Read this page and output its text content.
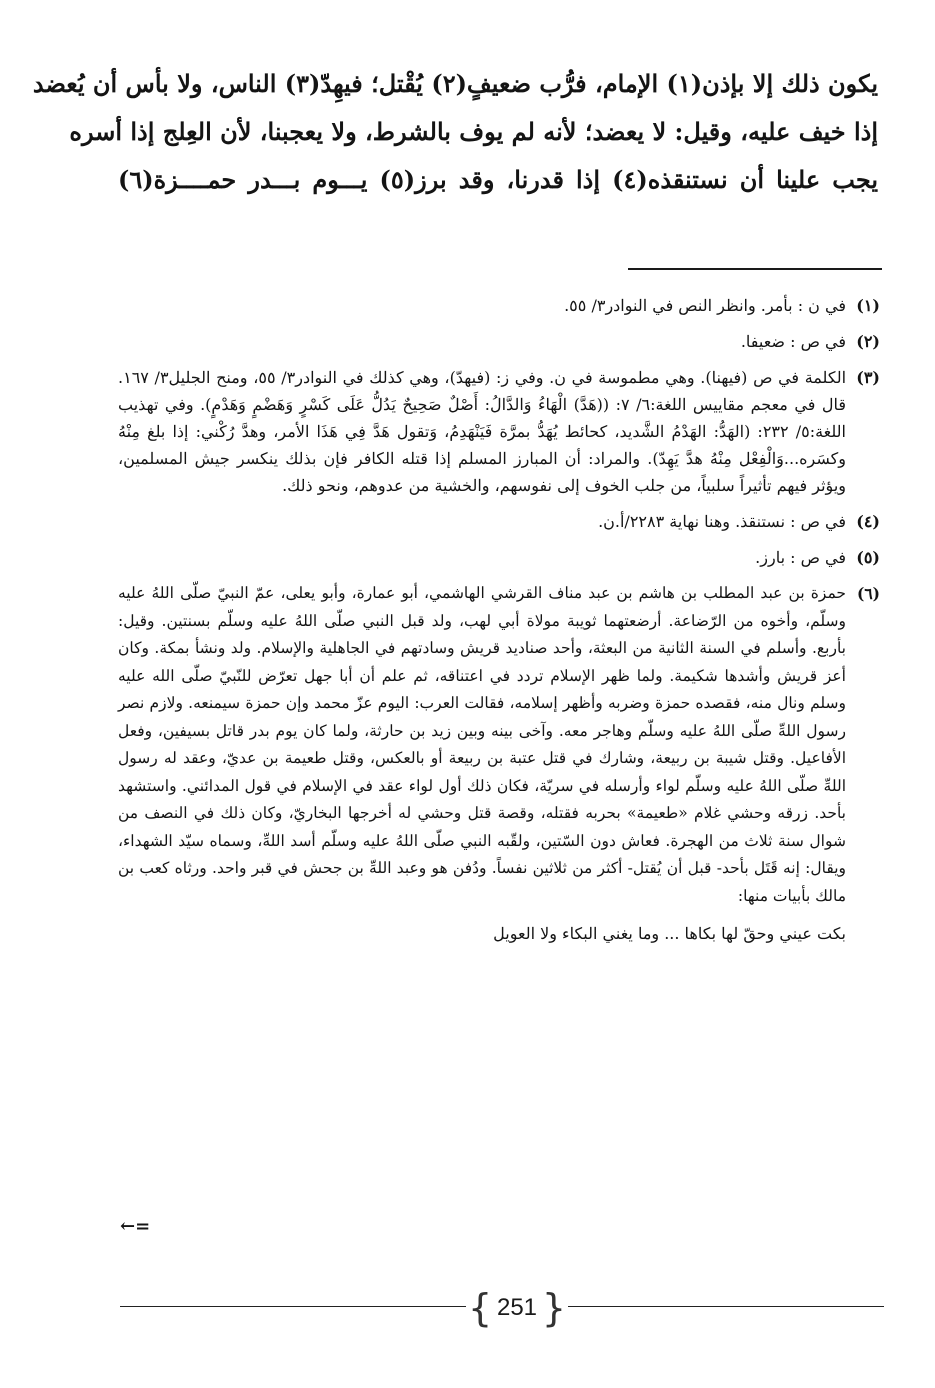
يكون ذلك إلا بإذن(١) الإمام، فرُّب ضعيفٍ(٢) يُقْتل؛ فيهِدّ(٣) الناس، ولا بأس أن يُعضد

إذا خيف عليه، وقيل: لا يعضد؛ لأنه لم يوف بالشرط، ولا يعجبنا، لأن العِلج إذا أسره

يجب علينا أن نستنقذه(٤) إذا قدرنا، وقد برز(٥) يـــوم بـــدر حمــــزة(٦)

(١)
في ن : بأمر. وانظر النص في النوادر٣/ ٥٥.
(٢)
في ص : ضعيفا.
(٣)
الكلمة في ص (فيهنا). وهي مطموسة في ن. وفي ز: (فيهدّ)، وهي كذلك في النوادر٣/ ٥٥، ومنح الجليل٣/ ١٦٧. قال في معجم مقاييس اللغة:٦/ ٧: ((هَدَّ) الْهَاءُ وَالدَّالُ: أَصْلٌ صَحِيحٌ يَدُلُّ عَلَى كَسْرٍ وَهَضْمٍ وَهَدْمٍ). وفي تهذيب اللغة:٥/ ٢٣٢: (الهَدُّ: الهَدْمُ الشَّديد، كحائط يُهَدُّ بمرَّة فَيَنْهَدِمُ، وَتقول هَدَّ فِي هَذَا الأمر، وهدَّ رُكْني: إذا بلغ مِنْهُ وكسَره...وَالْفِعْل مِنْهُ هدَّ يَهِدّ). والمراد: أن المبارز المسلم إذا قتله الكافر فإن بذلك ينكسر جيش المسلمين، ويؤثر فيهم تأثيراً سلبياً، من جلب الخوف إلى نفوسهم، والخشية من عدوهم، ونحو ذلك.
(٤)
في ص : نستنقذ. وهنا نهاية ٢٢٨٣/أ.ن.
(٥)
في ص : بارز.
(٦)
حمزة بن عبد المطلب بن هاشم بن عبد مناف القرشي الهاشمي، أبو عمارة، وأبو يعلى، عمّ النبيّ صلّى اللهُ عليه وسلّم، وأخوه من الرّضاعة. أرضعتهما ثويبة مولاة أبي لهب، ولد قبل النبي صلّى اللهُ عليه وسلّم بسنتين. وقيل: بأربع. وأسلم في السنة الثانية من البعثة، وأحد صناديد قريش وسادتهم في الجاهلية والإسلام. ولد ونشأ بمكة. وكان أعز قريش وأشدها شكيمة. ولما ظهر الإسلام تردد في اعتناقه، ثم علم أن أبا جهل تعرّض للنّبيّ صلّى الله عليه وسلم ونال منه، فقصده حمزة وضربه وأظهر إسلامه، فقالت العرب: اليوم عزّ محمد وإن حمزة سيمنعه. ولازم نصر رسول اللهِّ صلّى اللهُ عليه وسلّم وهاجر معه. وآخى بينه وبين زيد بن حارثة، ولما كان يوم بدر قاتل بسيفين، وفعل الأفاعيل. وقتل شيبة بن ربيعة، وشارك في قتل عتبة بن ربيعة أو بالعكس، وقتل طعيمة بن عديّ، وعقد له رسول اللهِّ صلّى اللهُ عليه وسلّم لواء وأرسله في سريّة، فكان ذلك أول لواء عقد في الإسلام في قول المدائني. واستشهد بأحد. زرقه وحشي غلام «طعيمة» بحربه فقتله، وقصة قتل وحشي له أخرجها البخاريّ، وكان ذلك في النصف من شوال سنة ثلاث من الهجرة. فعاش دون السّتين، ولقّبه النبي صلّى اللهُ عليه وسلّم أسد اللهِّ، وسماه سيّد الشهداء، ويقال: إنه قَتَل بأحد- قبل أن يُقتل- أكثر من ثلاثين نفساً. ودُفن هو وعبد اللهِّ بن جحش في قبر واحد. ورثاه كعب بن مالك بأبيات منها:
بكت عيني وحقّ لها بكاها ... وما يغني البكاء ولا العويل
←=
{ 251 }
